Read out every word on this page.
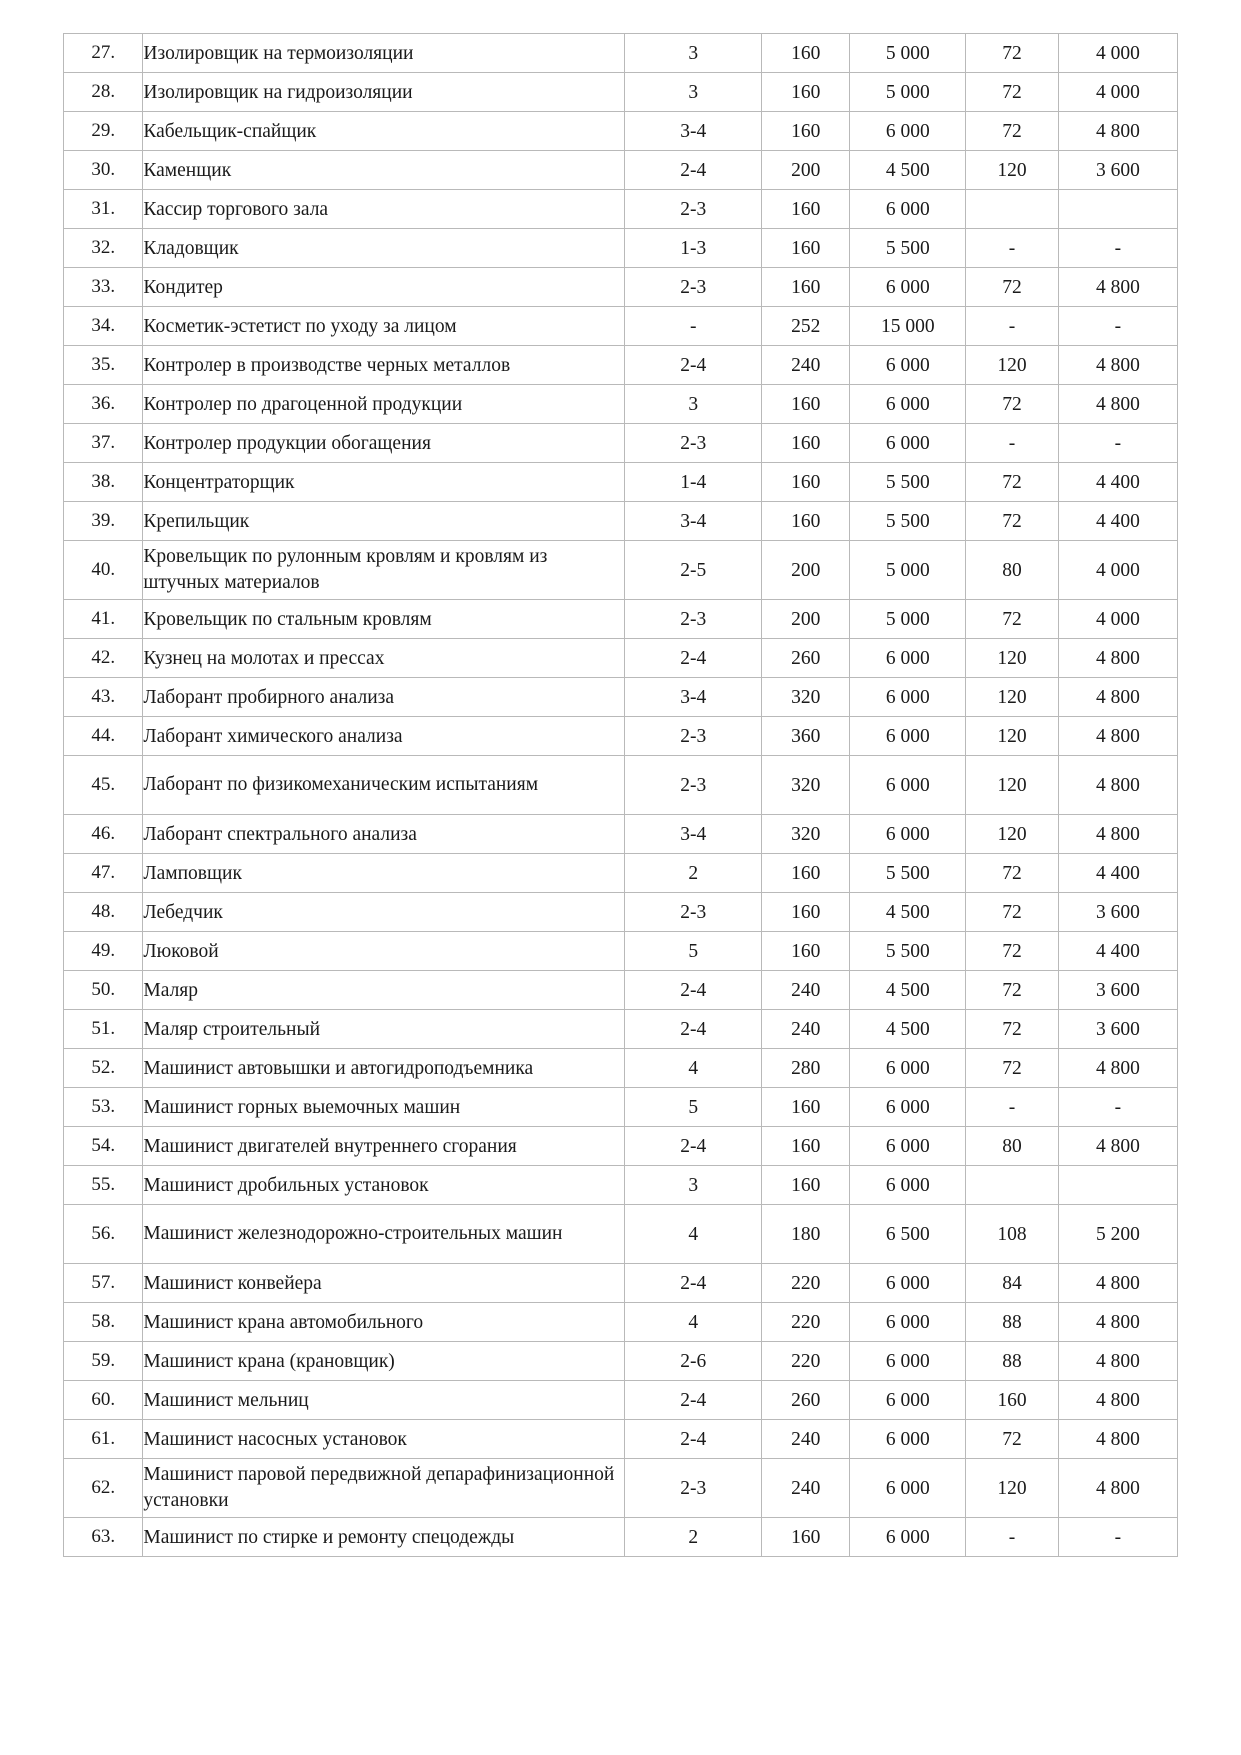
27.	Изолировщик на термоизоляции	3	160	5 000	72	4 000
28.	Изолировщик на гидроизоляции	3	160	5 000	72	4 000
29.	Кабельщик-спайщик	3-4	160	6 000	72	4 800
30.	Каменщик	2-4	200	4 500	120	3 600
31.	Кассир торгового зала	2-3	160	6 000		
32.	Кладовщик	1-3	160	5 500	-	-
33.	Кондитер	2-3	160	6 000	72	4 800
34.	Косметик-эстетист по уходу за лицом	-	252	15 000	-	-
35.	Контролер в производстве черных металлов	2-4	240	6 000	120	4 800
36.	Контролер по драгоценной продукции	3	160	6 000	72	4 800
37.	Контролер продукции обогащения	2-3	160	6 000	-	-
38.	Концентраторщик	1-4	160	5 500	72	4 400
39.	Крепильщик	3-4	160	5 500	72	4 400
40.	Кровельщик по рулонным кровлям и кровлям из штучных материалов	2-5	200	5 000	80	4 000
41.	Кровельщик по стальным кровлям	2-3	200	5 000	72	4 000
42.	Кузнец на молотах и прессах	2-4	260	6 000	120	4 800
43.	Лаборант пробирного анализа	3-4	320	6 000	120	4 800
44.	Лаборант химического анализа	2-3	360	6 000	120	4 800
45.	Лаборант по физикомеханическим испытаниям	2-3	320	6 000	120	4 800
46.	Лаборант спектрального анализа	3-4	320	6 000	120	4 800
47.	Ламповщик	2	160	5 500	72	4 400
48.	Лебедчик	2-3	160	4 500	72	3 600
49.	Люковой	5	160	5 500	72	4 400
50.	Маляр	2-4	240	4 500	72	3 600
51.	Маляр строительный	2-4	240	4 500	72	3 600
52.	Машинист автовышки и автогидроподъемника	4	280	6 000	72	4 800
53.	Машинист горных выемочных машин	5	160	6 000	-	-
54.	Машинист двигателей внутреннего сгорания	2-4	160	6 000	80	4 800
55.	Машинист дробильных установок	3	160	6 000		
56.	Машинист железнодорожно-строительных машин	4	180	6 500	108	5 200
57.	Машинист конвейера	2-4	220	6 000	84	4 800
58.	Машинист крана автомобильного	4	220	6 000	88	4 800
59.	Машинист крана (крановщик)	2-6	220	6 000	88	4 800
60.	Машинист мельниц	2-4	260	6 000	160	4 800
61.	Машинист насосных установок	2-4	240	6 000	72	4 800
62.	Машинист паровой передвижной депарафинизационной установки	2-3	240	6 000	120	4 800
63.	Машинист по стирке и ремонту спецодежды	2	160	6 000	-	-
